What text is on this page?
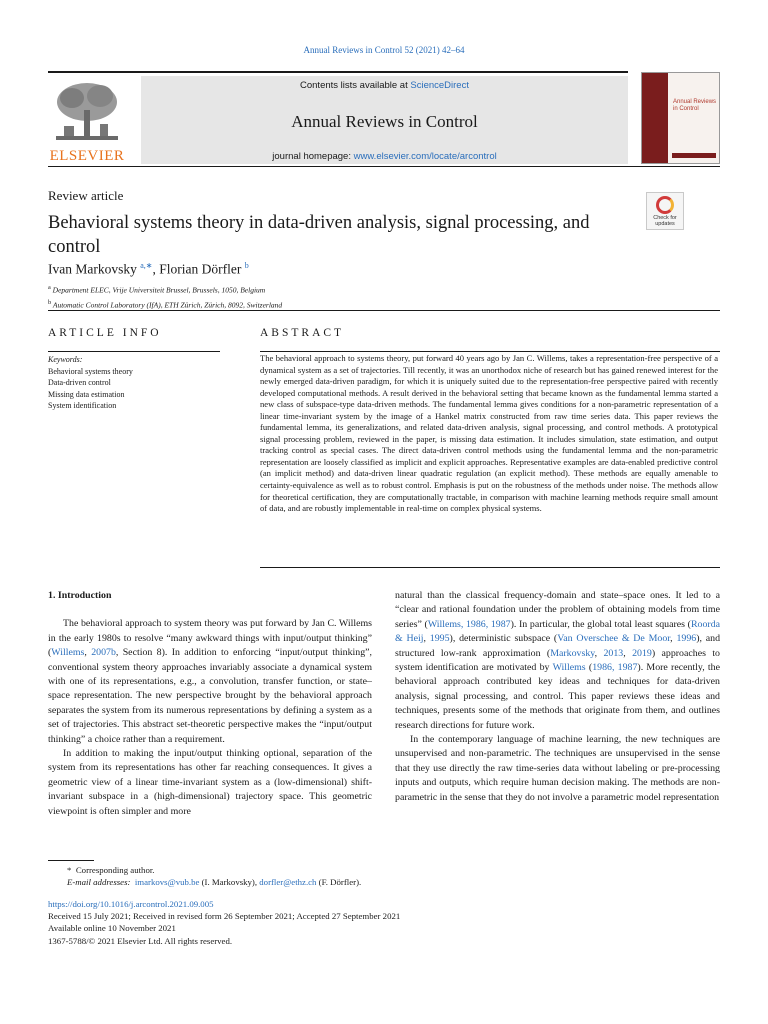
Annual Reviews in Control 52 (2021) 42–64
ELSEVIER
Contents lists available at ScienceDirect
Annual Reviews in Control
journal homepage: www.elsevier.com/locate/arcontrol
Annual Reviews in Control
Review article
Behavioral systems theory in data-driven analysis, signal processing, and control
Check for updates
Ivan Markovsky $^{a,∗}$, Florian Dörfler $^b$
$^a$ Department ELEC, Vrije Universiteit Brussel, Brussels, 1050, Belgium
$^b$ Automatic Control Laboratory (IfA), ETH Zürich, Zürich, 8092, Switzerland
ARTICLE INFO	ABSTRACT
Keywords:
Behavioral systems theory
Data-driven control
Missing data estimation
System identification
The behavioral approach to systems theory, put forward 40 years ago by Jan C. Willems, takes a representation-free perspective of a dynamical system as a set of trajectories. Till recently, it was an unorthodox niche of research but has gained renewed interest for the newly emerged data-driven paradigm, for which it is uniquely suited due to the representation-free perspective paired with recently developed computational methods. A result derived in the behavioral setting that became known as the fundamental lemma started a new class of subspace-type data-driven methods. The fundamental lemma gives conditions for a non-parametric representation of a linear time-invariant system by the image of a Hankel matrix constructed from raw time series data. This paper reviews the fundamental lemma, its generalizations, and related data-driven analysis, signal processing, and control methods. A prototypical signal processing problem, reviewed in the paper, is missing data estimation. It includes simulation, state estimation, and output tracking control as special cases. The direct data-driven control methods using the fundamental lemma and the non-parametric representation are loosely classified as implicit and explicit approaches. Representative examples are data-enabled predictive control (an implicit method) and data-driven linear quadratic regulation (an explicit method). These methods are equally amenable to certainty-equivalence as well as to robust control. Emphasis is put on the robustness of the methods under noise. The methods allow for theoretical certification, they are computationally tractable, in comparison with machine learning methods require small amount of data, and are robustly implementable in real-time on complex physical systems.
1. Introduction

The behavioral approach to system theory was put forward by Jan C. Willems in the early 1980s to resolve “many awkward things with input/output thinking” (Willems, 2007b, Section 8). In addition to enforcing “input/output thinking”, conventional system theory approaches invariably associate a dynamical system with one of its representations, e.g., a convolution, transfer function, or state–space representation. The new perspective brought by the behavioral approach separates the system from its numerous representations by defining a system as a set of trajectories. This abstract set-theoretic perspective makes the “input/output thinking” a choice rather than a requirement.

In addition to making the input/output thinking optional, separation of the system from its representations has other far reaching consequences. It gives a geometric view of a linear time-invariant system as a (low-dimensional) shift-invariant subspace in a (high-dimensional) trajectory space. This geometric viewpoint is often simpler and more

natural than the classical frequency-domain and state–space ones. It led to a “clear and rational foundation under the problem of obtaining models from time series” (Willems, 1986, 1987). In particular, the global total least squares (Roorda & Heij, 1995), deterministic subspace (Van Overschee & De Moor, 1996), and structured low-rank approximation (Markovsky, 2013, 2019) approaches to system identification are motivated by Willems (1986, 1987). More recently, the behavioral approach contributed key ideas and techniques for data-driven analysis, signal processing, and control. This paper reviews these ideas and techniques, presents some of the methods that originate from them, and outlines research directions for future work.

In the contemporary language of machine learning, the new techniques are unsupervised and non-parametric. The techniques are unsupervised in the sense that they use directly the raw time-series data without labeling or pre-processing inputs and outputs, which require human decision making. The methods are non-parametric in the sense that they do not involve a parametric model representation

* Corresponding author.
E-mail addresses: imarkovs@vub.be (I. Markovsky), dorfler@ethz.ch (F. Dörfler).
https://doi.org/10.1016/j.arcontrol.2021.09.005
Received 15 July 2021; Received in revised form 26 September 2021; Accepted 27 September 2021
Available online 10 November 2021
1367-5788/© 2021 Elsevier Ltd. All rights reserved.
